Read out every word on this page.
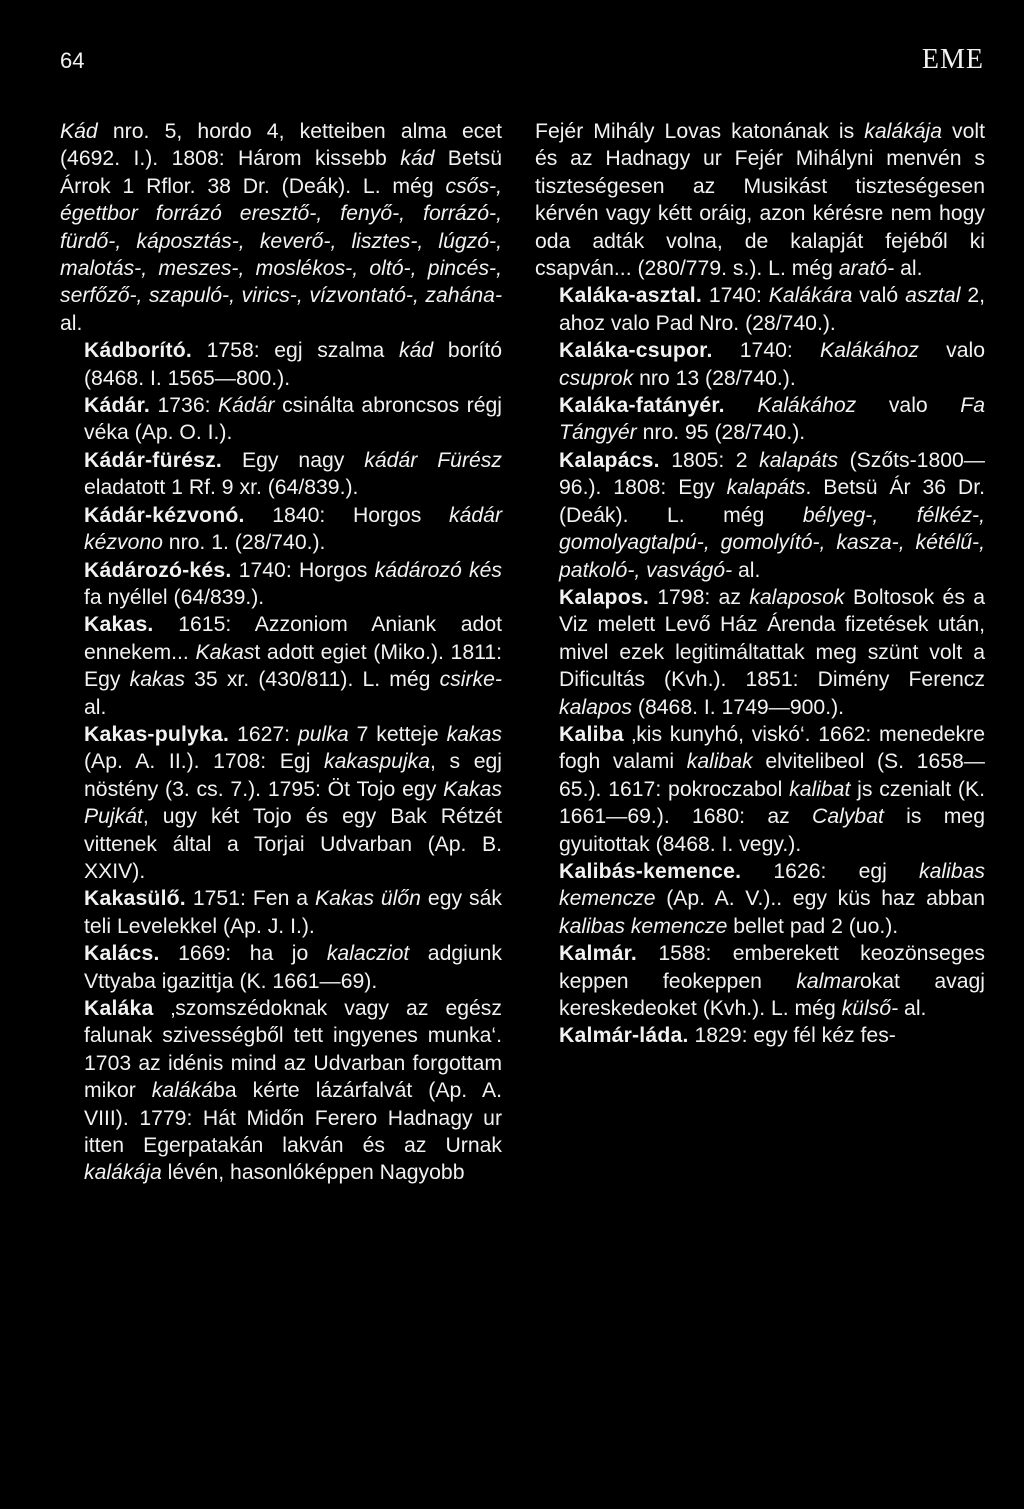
64	EME

Kád nro. 5, hordo 4, ketteiben alma ecet (4692. I.). 1808: Három kissebb kád Betsü Árrok 1 Rflor. 38 Dr. (Deák). L. még csős-, égettbor forrázó eresztő-, fenyő-, forrázó-, fürdő-, káposztás-, keverő-, lisztes-, lúgzó-, malotás-, meszes-, moslékos-, oltó-, pincés-, serfőző-, szapuló-, virics-, vízvontató-, zahána- al.

Kádborító. 1758: egj szalma kád borító (8468. I. 1565—800.).

Kádár. 1736: Kádár csinálta abroncsos régj véka (Ap. O. I.).

Kádár-fürész. Egy nagy kádár Fürész eladatott 1 Rf. 9 xr. (64/839.).

Kádár-kézvonó. 1840: Horgos kádár kézvono nro. 1. (28/740.).

Kádározó-kés. 1740: Horgos kádározó kés fa nyéllel (64/839.).

Kakas. 1615: Azzoniom Aniank adot ennekem... Kakast adott egiet (Miko.). 1811: Egy kakas 35 xr. (430/811). L. még csirke- al.

Kakas-pulyka. 1627: pulka 7 ketteje kakas (Ap. A. II.). 1708: Egj kakaspujka, s egj nöstény (3. cs. 7.). 1795: Öt Tojo egy Kakas Pujkát, ugy két Tojo és egy Bak Rétzét vittenek által a Torjai Udvarban (Ap. B. XXIV).

Kakasülő. 1751: Fen a Kakas ülőn egy sák teli Levelekkel (Ap. J. I.).

Kalács. 1669: ha jo kalacziot adgiunk Vttyaba igazittja (K. 1661—69).

Kaláka ‚szomszédoknak vagy az egész falunak szivességből tett ingyenes munka‘. 1703 az idénis mind az Udvarban forgottam mikor kalákába kérte lázárfalvát (Ap. A. VIII). 1779: Hát Midőn Ferero Hadnagy ur itten Egerpatakán lakván és az Urnak kalákája lévén, hasonlóképpen Nagyobb

Fejér Mihály Lovas katonának is kalákája volt és az Hadnagy ur Fejér Mihályni menvén s tiszteségesen az Musikást tiszteségesen kérvén vagy kétt oráig, azon kérésre nem hogy oda adták volna, de kalapját fejéből ki csapván... (280/779. s.). L. még arató- al.

Kaláka-asztal. 1740: Kalákára való asztal 2, ahoz valo Pad Nro. (28/740.).

Kaláka-csupor. 1740: Kalákához valo csuprok nro 13 (28/740.).

Kaláka-fatányér. Kalákához valo Fa Tángyér nro. 95 (28/740.).

Kalapács. 1805: 2 kalapáts (Szőts-1800—96.). 1808: Egy kalapáts. Betsü Ár 36 Dr. (Deák). L. még bélyeg-, félkéz-, gomolyagtalpú-, gomolyító-, kasza-, kétélű-, patkoló-, vasvágó- al.

Kalapos. 1798: az kalaposok Boltosok és a Viz melett Levő Ház Árenda fizetések után, mivel ezek legitimáltattak meg szünt volt a Dificultás (Kvh.). 1851: Dimény Ferencz kalapos (8468. I. 1749—900.).

Kaliba ‚kis kunyhó, viskó‘. 1662: menedekre fogh valami kalibak elvitelibeol (S. 1658—65.). 1617: pokroczabol kalibat js czenialt (K. 1661—69.). 1680: az Calybat is meg gyuitottak (8468. I. vegy.).

Kalibás-kemence. 1626: egj kalibas kemencze (Ap. A. V.).. egy küs haz abban kalibas kemencze bellet pad 2 (uo.).

Kalmár. 1588: emberekett keozönseges keppen feokeppen kalmarokat avagj kereskedeoket (Kvh.). L. még külső- al.

Kalmár-láda. 1829: egy fél kéz fes-
